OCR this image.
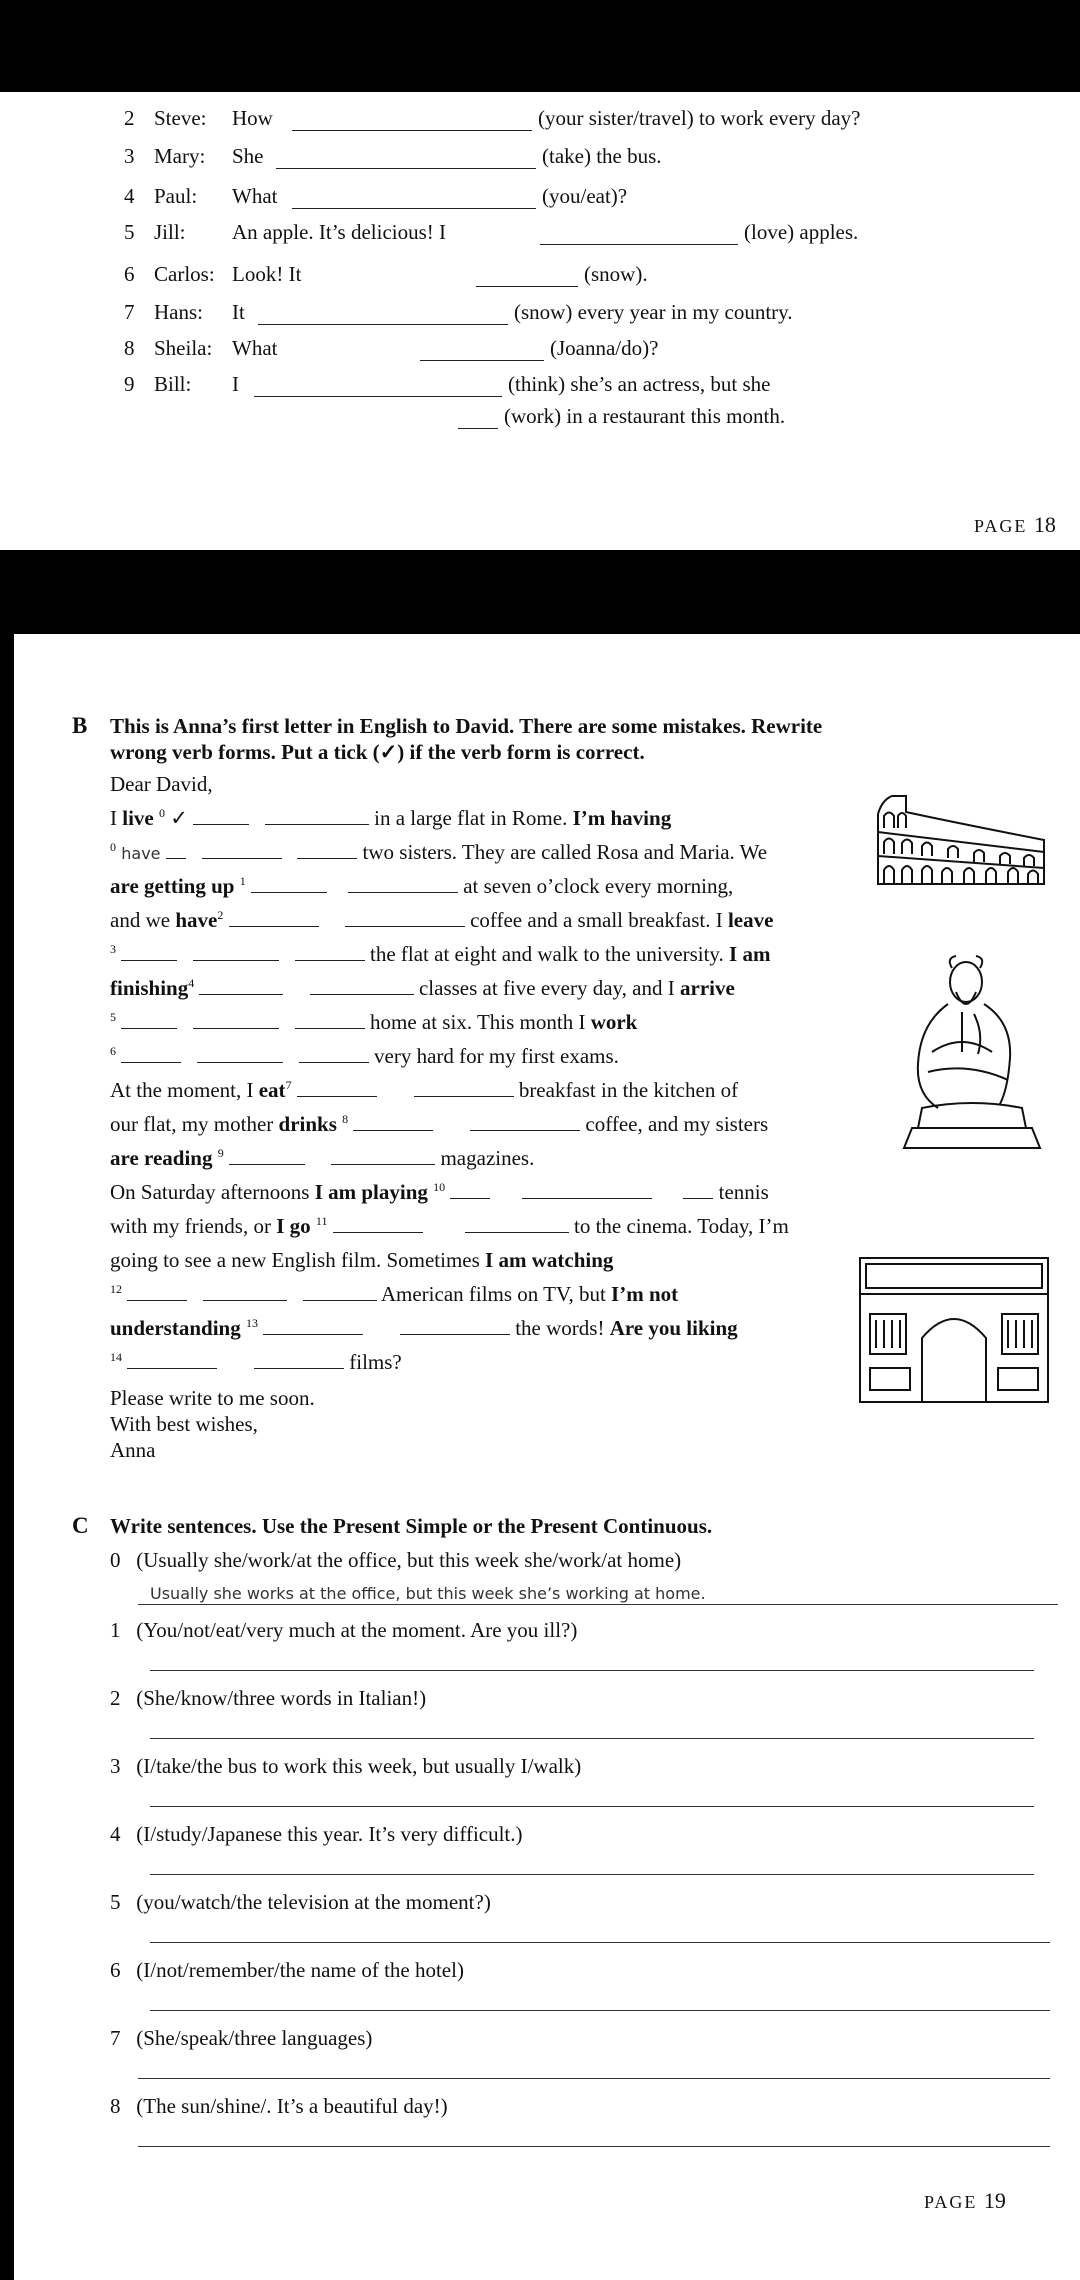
2 Steve: How	(your sister/travel) to work every day?
3 Mary: She	(take) the bus.
4 Paul: What	(you/eat)?
5 Jill: An apple. It’s delicious! I	(love) apples.
6 Carlos: Look! It	(snow).
7 Hans: It	(snow) every year in my country.
8 Sheila: What	(Joanna/do)?
9 Bill: I	(think) she’s an actress, but she
(work) in a restaurant this month.
PAGE 18
B This is Anna’s first letter in English to David. There are some mistakes. Rewrite
wrong verb forms. Put a tick (✓) if the verb form is correct.
Dear David,
I live $^0$ ✓	in a large flat in Rome. I’m having
$^0$ have	two sisters. They are called Rosa and Maria. We
are getting up $^1$	at seven o’clock every morning,
and we have$^2$	coffee and a small breakfast. I leave
$^3$	the flat at eight and walk to the university. I am
finishing$^4$	classes at five every day, and I arrive
$^5$	home at six. This month I work
$^6$	very hard for my first exams.
At the moment, I eat$^7$	breakfast in the kitchen of
our flat, my mother drinks $^8$	coffee, and my sisters
are reading $^9$	magazines.
On Saturday afternoons I am playing $^{10}$	tennis
with my friends, or I go $^{11}$	to the cinema. Today, I’m
going to see a new English film. Sometimes I am watching
$^{12}$	American films on TV, but I’m not
understanding $^{13}$	the words! Are you liking
$^{14}$	films?
Please write to me soon.
With best wishes,
Anna
C Write sentences. Use the Present Simple or the Present Continuous.
0 (Usually she/work/at the office, but this week she/work/at home)
Usually she works at the office, but this week she’s working at home.
1 (You/not/eat/very much at the moment. Are you ill?)
2 (She/know/three words in Italian!)
3 (I/take/the bus to work this week, but usually I/walk)
4 (I/study/Japanese this year. It’s very difficult.)
5 (you/watch/the television at the moment?)
6 (I/not/remember/the name of the hotel)
7 (She/speak/three languages)
8 (The sun/shine/. It’s a beautiful day!)
PAGE 19
